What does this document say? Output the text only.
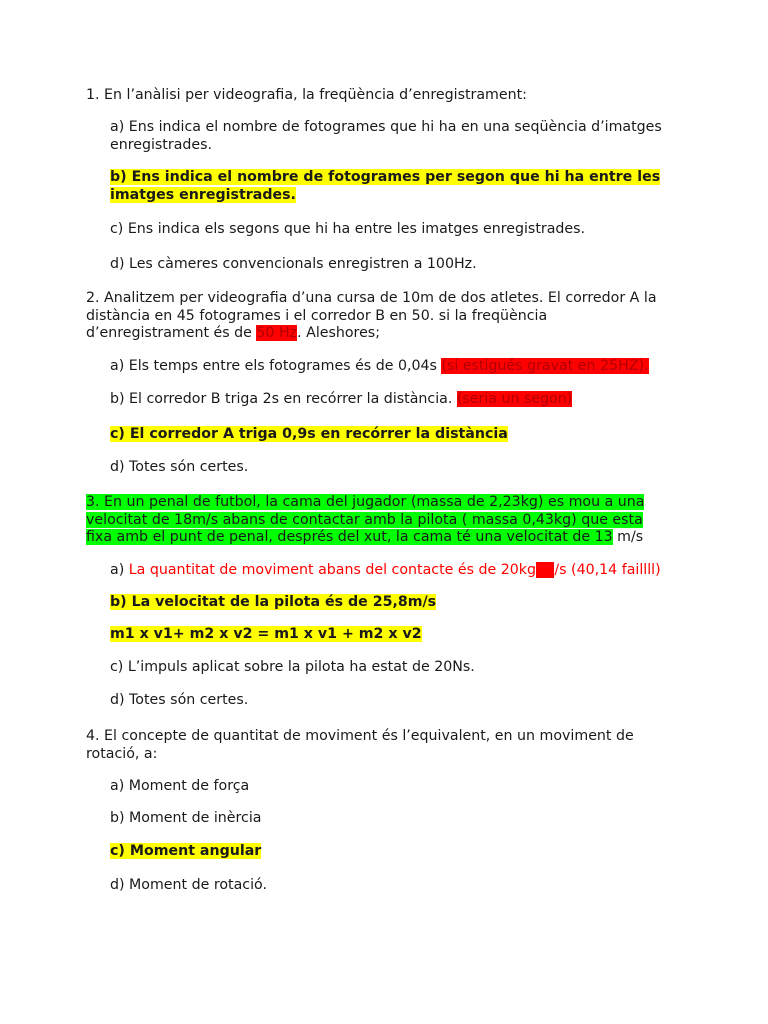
1. En l’anàlisi per videografia, la freqüència d’enregistrament:

a) Ens indica el nombre de fotogrames que hi ha en una seqüència d’imatges enregistrades.

b) Ens indica el nombre de fotogrames per segon que hi ha entre les imatges enregistrades.

c) Ens indica els segons que hi ha entre les imatges enregistrades.

d) Les càmeres convencionals enregistren a 100Hz.

2. Analitzem per videografia d’una cursa de 10m de dos atletes. El corredor A la distància en 45 fotogrames i el corredor B en 50. si la freqüència d’enregistrament és de 50 Hz. Aleshores;

a) Els temps entre els fotogrames és de 0,04s (si estigués gravat en 25HZ).

b) El corredor B triga 2s en recórrer la distància. (seria un segon)

c) El corredor A triga 0,9s en recórrer la distància

d) Totes són certes.

3. En un penal de futbol, la cama del jugador (massa de 2,23kg) es mou a una velocitat de 18m/s abans de contactar amb la pilota ( massa 0,43kg) que esta fixa amb el punt de penal, després del xut, la cama té una velocitat de 13 m/s

a) La quantitat de moviment abans del contacte és de 20kg·m/s (40,14 faillll)

b) La velocitat de la pilota és de 25,8m/s

m1 x v1+ m2 x v2 = m1 x v1 + m2 x v2

c) L’impuls aplicat sobre la pilota ha estat de 20Ns.

d) Totes són certes.

4. El concepte de quantitat de moviment és l’equivalent, en un moviment de rotació, a:

a) Moment de força

b) Moment de inèrcia

c) Moment angular

d) Moment de rotació.
